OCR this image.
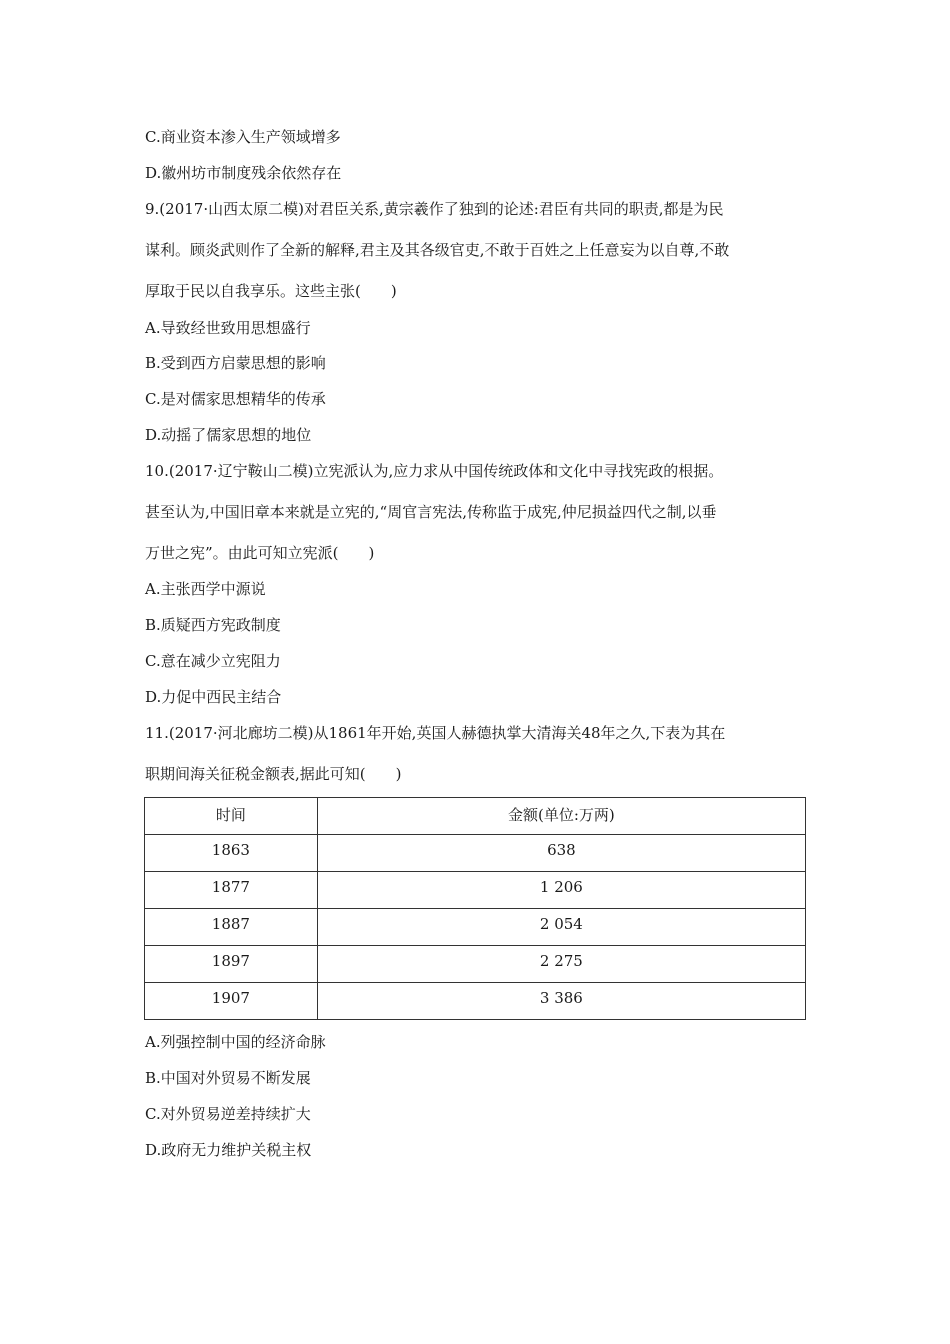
C.商业资本渗入生产领域增多
D.徽州坊市制度残余依然存在
9.(2017·山西太原二模)对君臣关系,黄宗羲作了独到的论述:君臣有共同的职责,都是为民
谋利。顾炎武则作了全新的解释,君主及其各级官吏,不敢于百姓之上任意妄为以自尊,不敢
厚取于民以自我享乐。这些主张(　　)
A.导致经世致用思想盛行
B.受到西方启蒙思想的影响
C.是对儒家思想精华的传承
D.动摇了儒家思想的地位
10.(2017·辽宁鞍山二模)立宪派认为,应力求从中国传统政体和文化中寻找宪政的根据。
甚至认为,中国旧章本来就是立宪的,“周官言宪法,传称监于成宪,仲尼损益四代之制,以垂
万世之宪”。由此可知立宪派(　　)
A.主张西学中源说
B.质疑西方宪政制度
C.意在减少立宪阻力
D.力促中西民主结合
11.(2017·河北廊坊二模)从1861年开始,英国人赫德执掌大清海关48年之久,下表为其在
职期间海关征税金额表,据此可知(　　)
时间	金额(单位:万两)
1863	638
1877	1 206
1887	2 054
1897	2 275
1907	3 386
A.列强控制中国的经济命脉
B.中国对外贸易不断发展
C.对外贸易逆差持续扩大
D.政府无力维护关税主权
